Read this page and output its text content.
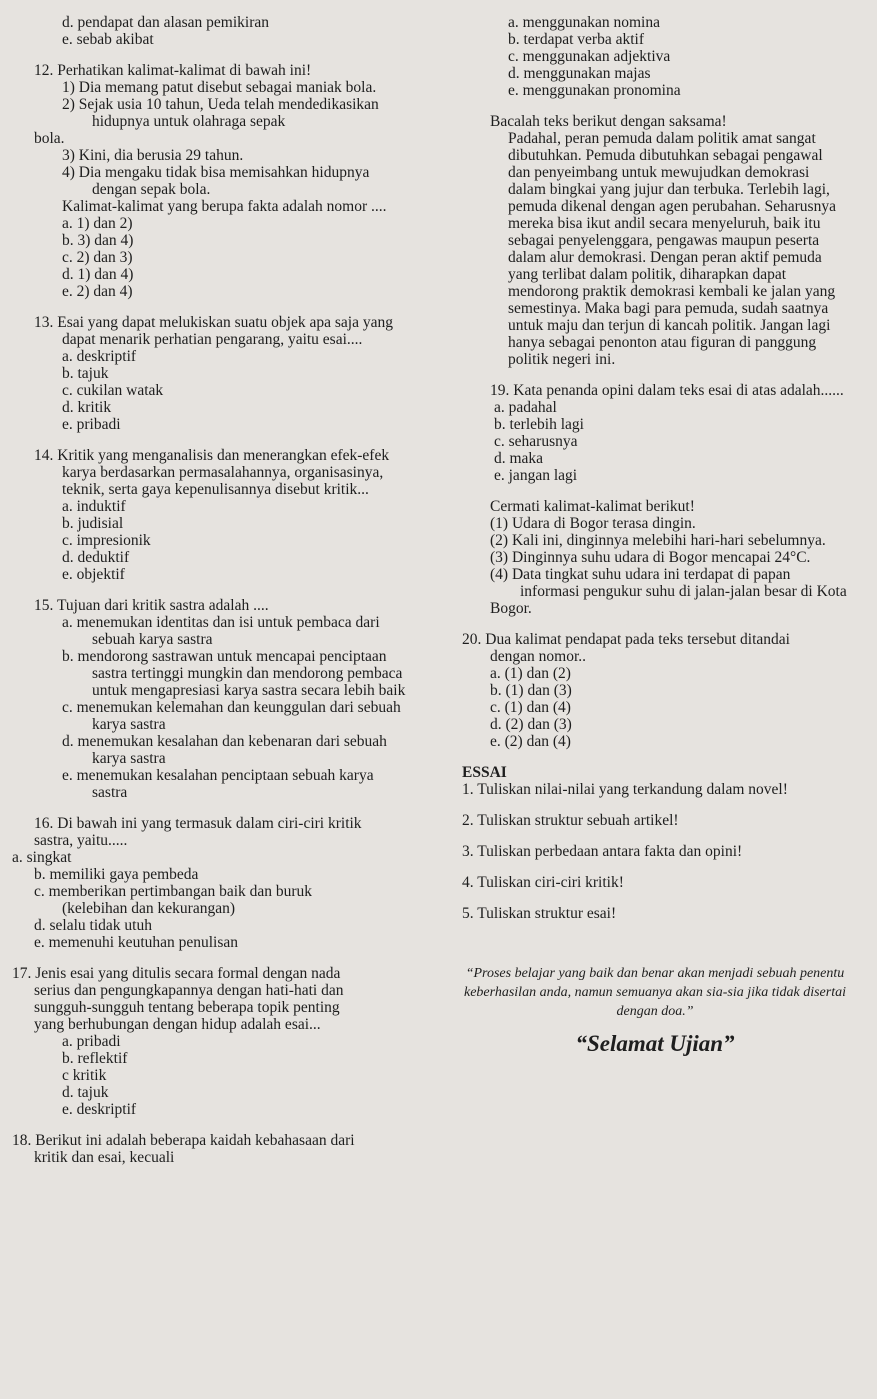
d. pendapat dan alasan pemikiran
e. sebab akibat
12. Perhatikan kalimat-kalimat di bawah ini!
1) Dia memang patut disebut sebagai maniak bola.
2) Sejak usia 10 tahun, Ueda telah mendedikasikan
hidupnya untuk olahraga sepak
bola.
3) Kini, dia berusia 29 tahun.
4) Dia mengaku tidak bisa memisahkan hidupnya
dengan sepak bola.
Kalimat-kalimat yang berupa fakta adalah nomor ....
a. 1) dan 2)
b. 3) dan 4)
c. 2) dan 3)
d. 1) dan 4)
e. 2) dan 4)
13. Esai yang dapat melukiskan suatu objek apa saja yang
dapat menarik perhatian pengarang, yaitu esai....
a. deskriptif
b. tajuk
c. cukilan watak
d. kritik
e. pribadi
14. Kritik yang menganalisis dan menerangkan efek-efek
karya berdasarkan permasalahannya, organisasinya,
teknik, serta gaya kepenulisannya disebut kritik...
a. induktif
b. judisial
c. impresionik
d. deduktif
e. objektif
15. Tujuan dari kritik sastra adalah ....
a. menemukan identitas dan isi untuk pembaca dari
sebuah karya sastra
b. mendorong sastrawan untuk mencapai penciptaan
sastra tertinggi mungkin dan mendorong pembaca
untuk mengapresiasi karya sastra secara lebih baik
c. menemukan kelemahan dan keunggulan dari sebuah
karya sastra
d. menemukan kesalahan dan kebenaran dari sebuah
karya sastra
e. menemukan kesalahan penciptaan sebuah karya
sastra
16. Di bawah ini yang termasuk dalam ciri-ciri kritik
sastra, yaitu.....
a. singkat
b. memiliki gaya pembeda
c. memberikan pertimbangan baik dan buruk
(kelebihan dan kekurangan)
d. selalu tidak utuh
e. memenuhi keutuhan penulisan
17. Jenis esai yang ditulis secara formal dengan nada
serius dan pengungkapannya dengan hati-hati dan
sungguh-sungguh tentang beberapa topik penting
yang berhubungan dengan hidup adalah esai...
a. pribadi
b. reflektif
c kritik
d. tajuk
e. deskriptif
18. Berikut ini adalah beberapa kaidah kebahasaan dari
kritik dan esai, kecuali
a. menggunakan nomina
b. terdapat verba aktif
c. menggunakan adjektiva
d. menggunakan majas
e. menggunakan pronomina
Bacalah teks berikut dengan saksama!
Padahal, peran pemuda dalam politik amat sangat
dibutuhkan. Pemuda dibutuhkan sebagai pengawal
dan penyeimbang untuk mewujudkan demokrasi
dalam bingkai yang jujur dan terbuka. Terlebih lagi,
pemuda dikenal dengan agen perubahan. Seharusnya
mereka bisa ikut andil secara menyeluruh, baik itu
sebagai penyelenggara, pengawas maupun peserta
dalam alur demokrasi. Dengan peran aktif pemuda
yang terlibat dalam politik, diharapkan dapat
mendorong praktik demokrasi kembali ke jalan yang
semestinya. Maka bagi para pemuda, sudah saatnya
untuk maju dan terjun di kancah politik. Jangan lagi
hanya sebagai penonton atau figuran di panggung
politik negeri ini.
19. Kata penanda opini dalam teks esai di atas adalah......
a. padahal
b. terlebih lagi
c. seharusnya
d. maka
e. jangan lagi
Cermati kalimat-kalimat berikut!
(1) Udara di Bogor terasa dingin.
(2) Kali ini, dinginnya melebihi hari-hari sebelumnya.
(3) Dinginnya suhu udara di Bogor mencapai 24°C.
(4) Data tingkat suhu udara ini terdapat di papan
informasi pengukur suhu di jalan-jalan besar di Kota
Bogor.
20. Dua kalimat pendapat pada teks tersebut ditandai
dengan nomor..
a. (1) dan (2)
b. (1) dan (3)
c. (1) dan (4)
d. (2) dan (3)
e. (2) dan (4)
ESSAI
1. Tuliskan nilai-nilai yang terkandung dalam novel!
2. Tuliskan struktur sebuah artikel!
3. Tuliskan perbedaan antara fakta dan opini!
4. Tuliskan ciri-ciri kritik!
5. Tuliskan struktur esai!
“Proses belajar yang baik dan benar akan menjadi sebuah penentu
keberhasilan anda, namun semuanya akan sia-sia jika tidak disertai
dengan doa.”
“Selamat Ujian”
